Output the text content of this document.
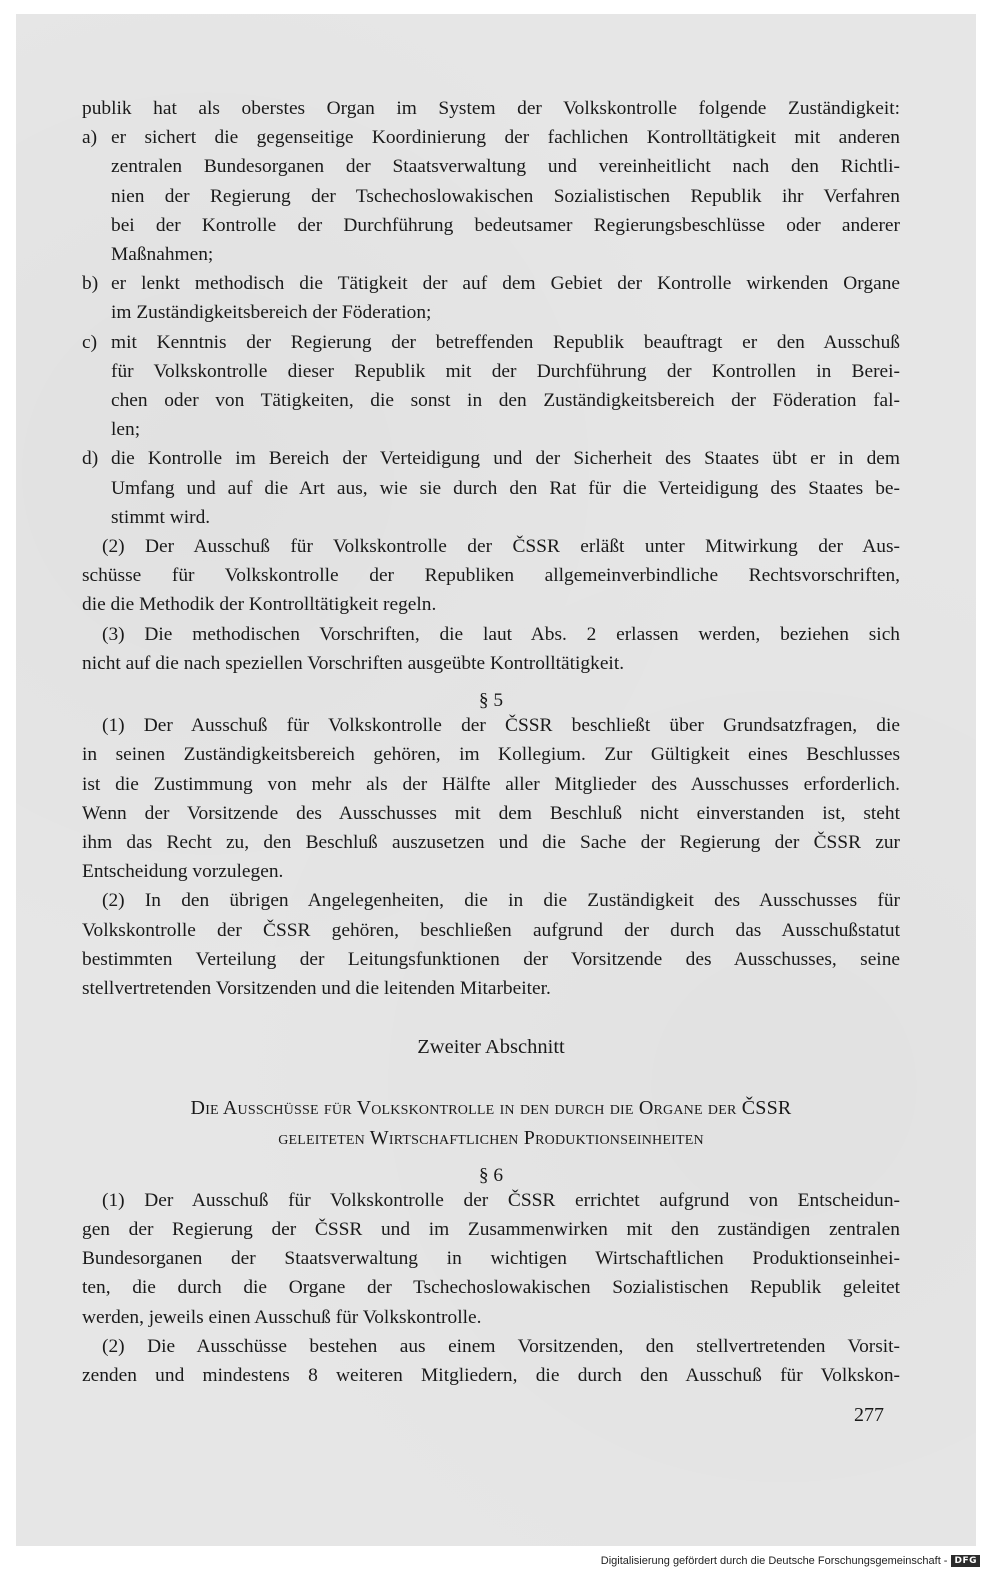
publik hat als oberstes Organ im System der Volkskontrolle folgende Zuständigkeit:

a) er sichert die gegenseitige Koordinierung der fachlichen Kontrolltätigkeit mit anderen

zentralen Bundesorganen der Staatsverwaltung und vereinheitlicht nach den Richtli-

nien der Regierung der Tschechoslowakischen Sozialistischen Republik ihr Verfahren

bei der Kontrolle der Durchführung bedeutsamer Regierungsbeschlüsse oder anderer

Maßnahmen;

b) er lenkt methodisch die Tätigkeit der auf dem Gebiet der Kontrolle wirkenden Organe

im Zuständigkeitsbereich der Föderation;

c) mit Kenntnis der Regierung der betreffenden Republik beauftragt er den Ausschuß

für Volkskontrolle dieser Republik mit der Durchführung der Kontrollen in Berei-

chen oder von Tätigkeiten, die sonst in den Zuständigkeitsbereich der Föderation fal-

len;

d) die Kontrolle im Bereich der Verteidigung und der Sicherheit des Staates übt er in dem

Umfang und auf die Art aus, wie sie durch den Rat für die Verteidigung des Staates be-

stimmt wird.

(2) Der Ausschuß für Volkskontrolle der ČSSR erläßt unter Mitwirkung der Aus-

schüsse für Volkskontrolle der Republiken allgemeinverbindliche Rechtsvorschriften,

die die Methodik der Kontrolltätigkeit regeln.

(3) Die methodischen Vorschriften, die laut Abs. 2 erlassen werden, beziehen sich

nicht auf die nach speziellen Vorschriften ausgeübte Kontrolltätigkeit.

§ 5

(1) Der Ausschuß für Volkskontrolle der ČSSR beschließt über Grundsatzfragen, die

in seinen Zuständigkeitsbereich gehören, im Kollegium. Zur Gültigkeit eines Beschlusses

ist die Zustimmung von mehr als der Hälfte aller Mitglieder des Ausschusses erforderlich.

Wenn der Vorsitzende des Ausschusses mit dem Beschluß nicht einverstanden ist, steht

ihm das Recht zu, den Beschluß auszusetzen und die Sache der Regierung der ČSSR zur

Entscheidung vorzulegen.

(2) In den übrigen Angelegenheiten, die in die Zuständigkeit des Ausschusses für

Volkskontrolle der ČSSR gehören, beschließen aufgrund der durch das Ausschußstatut

bestimmten Verteilung der Leitungsfunktionen der Vorsitzende des Ausschusses, seine

stellvertretenden Vorsitzenden und die leitenden Mitarbeiter.

Zweiter Abschnitt

Die Ausschüsse für Volkskontrolle in den durch die Organe der ČSSR

geleiteten Wirtschaftlichen Produktionseinheiten

§ 6

(1) Der Ausschuß für Volkskontrolle der ČSSR errichtet aufgrund von Entscheidun-

gen der Regierung der ČSSR und im Zusammenwirken mit den zuständigen zentralen

Bundesorganen der Staatsverwaltung in wichtigen Wirtschaftlichen Produktionseinhei-

ten, die durch die Organe der Tschechoslowakischen Sozialistischen Republik geleitet

werden, jeweils einen Ausschuß für Volkskontrolle.

(2) Die Ausschüsse bestehen aus einem Vorsitzenden, den stellvertretenden Vorsit-

zenden und mindestens 8 weiteren Mitgliedern, die durch den Ausschuß für Volkskon-

277
Digitalisierung gefördert durch die Deutsche Forschungsgemeinschaft - DFG
